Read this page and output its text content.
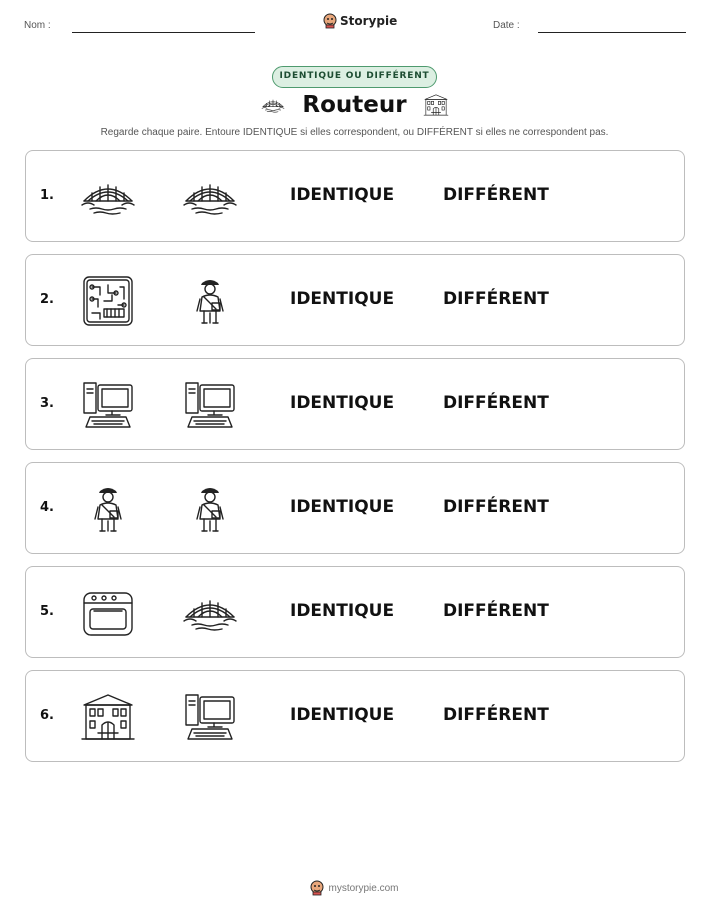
Nom :	Storypie	Date :
IDENTIQUE OU DIFFÉRENT
Routeur
Regarde chaque paire. Entoure IDENTIQUE si elles correspondent, ou DIFFÉRENT si elles ne correspondent pas.
1.	IDENTIQUE	DIFFÉRENT
2.	IDENTIQUE	DIFFÉRENT
3.	IDENTIQUE	DIFFÉRENT
4.	IDENTIQUE	DIFFÉRENT
5.	IDENTIQUE	DIFFÉRENT
6.	IDENTIQUE	DIFFÉRENT
mystorypie.com
